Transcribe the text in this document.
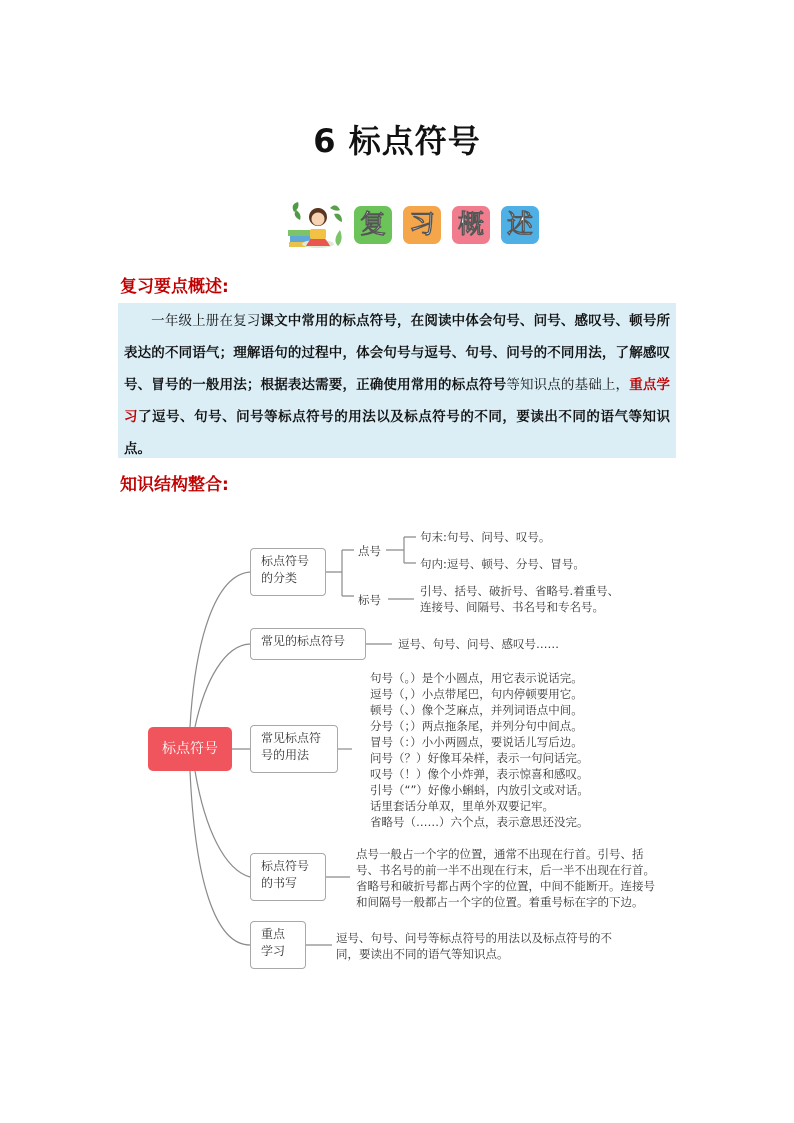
6 标点符号
复 习 概 述
复习要点概述:
一年级上册在复习课文中常用的标点符号，在阅读中体会句号、问号、感叹号、顿号所表达的不同语气；理解语句的过程中，体会句号与逗号、句号、问号的不同用法，了解感叹号、冒号的一般用法；根据表达需要，正确使用常用的标点符号等知识点的基础上，重点学习了逗号、句号、问号等标点符号的用法以及标点符号的不同，要读出不同的语气等知识点。
知识结构整合:
标点符号
标点符号
的分类
点号
句末:句号、问号、叹号。
句内:逗号、顿号、分号、冒号。
标号
引号、括号、破折号、省略号.着重号、
连接号、间隔号、书名号和专名号。
常见的标点符号	逗号、句号、问号、感叹号……
常见标点符
号的用法
句号（。）是个小圆点，用它表示说话完。
逗号（，）小点带尾巴，句内停顿要用它。
顿号（、）像个芝麻点，并列词语点中间。
分号（；）两点拖条尾，并列分句中间点。
冒号（：）小小两圆点，要说话儿写后边。
问号（？）好像耳朵样，表示一句问话完。
叹号（！）像个小炸弹，表示惊喜和感叹。
引号（“”）好像小蝌蚪，内放引文或对话。
话里套话分单双，里单外双要记牢。
省略号（……）六个点，表示意思还没完。
标点符号
的书写
点号一般占一个字的位置，通常不出现在行首。引号、括
号、书名号的前一半不出现在行末，后一半不出现在行首。
省略号和破折号都占两个字的位置，中间不能断开。连接号
和间隔号一般都占一个字的位置。着重号标在字的下边。
重点
学习
逗号、句号、问号等标点符号的用法以及标点符号的不
同，要读出不同的语气等知识点。
